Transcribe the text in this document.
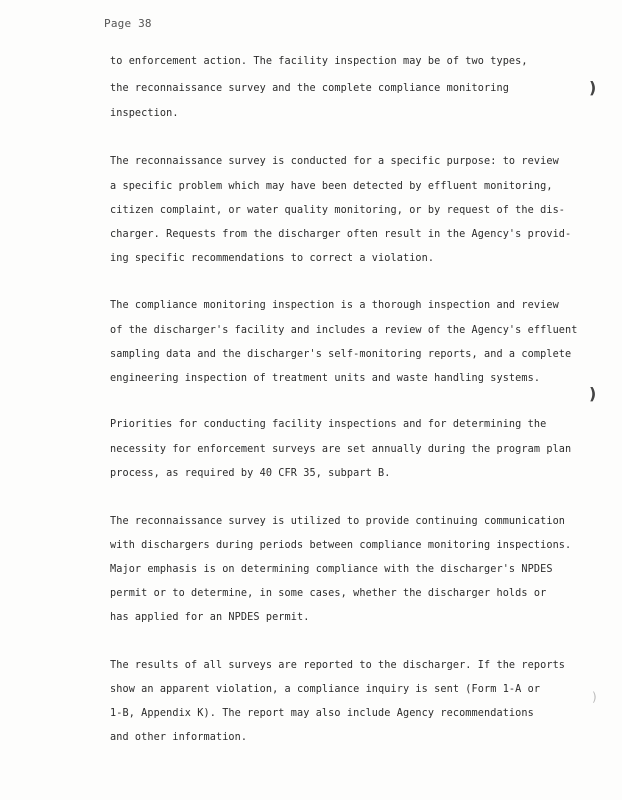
Page 38
to enforcement action. The facility inspection may be of two types,
the reconnaissance survey and the complete compliance monitoring
inspection.
The reconnaissance survey is conducted for a specific purpose: to review
a specific problem which may have been detected by effluent monitoring,
citizen complaint, or water quality monitoring, or by request of the dis-
charger. Requests from the discharger often result in the Agency's provid-
ing specific recommendations to correct a violation.
The compliance monitoring inspection is a thorough inspection and review
of the discharger's facility and includes a review of the Agency's effluent
sampling data and the discharger's self-monitoring reports, and a complete
engineering inspection of treatment units and waste handling systems.
Priorities for conducting facility inspections and for determining the
necessity for enforcement surveys are set annually during the program plan
process, as required by 40 CFR 35, subpart B.
The reconnaissance survey is utilized to provide continuing communication
with dischargers during periods between compliance monitoring inspections.
Major emphasis is on determining compliance with the discharger's NPDES
permit or to determine, in some cases, whether the discharger holds or
has applied for an NPDES permit.
The results of all surveys are reported to the discharger. If the reports
show an apparent violation, a compliance inquiry is sent (Form 1-A or
1-B, Appendix K). The report may also include Agency recommendations
and other information.
)
)
)
